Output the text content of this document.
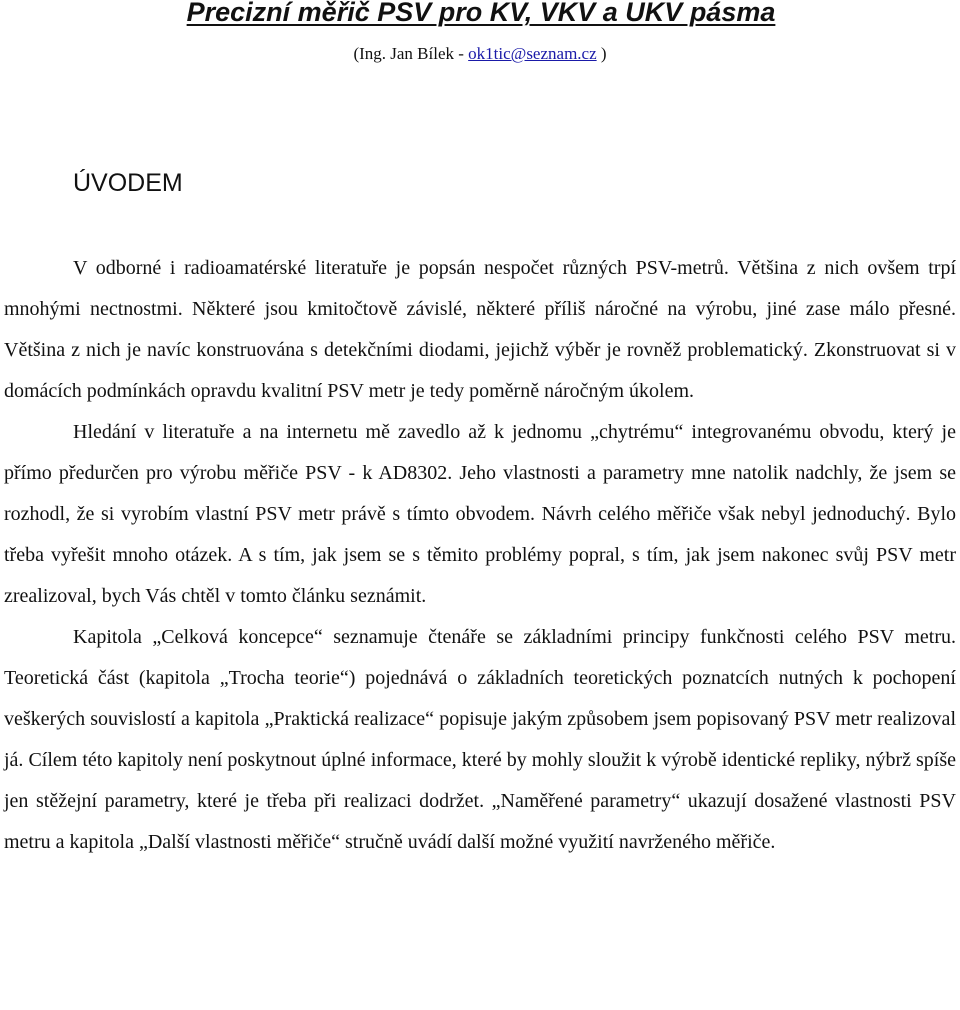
Precizní měřič PSV pro KV, VKV a UKV pásma
(Ing. Jan Bílek - ok1tic@seznam.cz )
ÚVODEM

V odborné i radioamatérské literatuře je popsán nespočet různých PSV-metrů. Většina z nich ovšem trpí mnohými nectnostmi. Některé jsou kmitočtově závislé, některé příliš náročné na výrobu, jiné zase málo přesné. Většina z nich je navíc konstruována s detekčními diodami, jejichž výběr je rovněž problematický. Zkonstruovat si v domácích podmínkách opravdu kvalitní PSV metr je tedy poměrně náročným úkolem.

Hledání v literatuře a na internetu mě zavedlo až k jednomu „chytrému“ integrovanému obvodu, který je přímo předurčen pro výrobu měřiče PSV - k AD8302. Jeho vlastnosti a parametry mne natolik nadchly, že jsem se rozhodl, že si vyrobím vlastní PSV metr právě s tímto obvodem. Návrh celého měřiče však nebyl jednoduchý. Bylo třeba vyřešit mnoho otázek. A s tím, jak jsem se s těmito problémy popral, s tím, jak jsem nakonec svůj PSV metr zrealizoval, bych Vás chtěl v tomto článku seznámit.

Kapitola „Celková koncepce“ seznamuje čtenáře se základními principy funkčnosti celého PSV metru. Teoretická část (kapitola „Trocha teorie“) pojednává o základních teoretických poznatcích nutných k pochopení veškerých souvislostí a kapitola „Praktická realizace“ popisuje jakým způsobem jsem popisovaný PSV metr realizoval já. Cílem této kapitoly není poskytnout úplné informace, které by mohly sloužit k výrobě identické repliky, nýbrž spíše jen stěžejní parametry, které je třeba při realizaci dodržet. „Naměřené parametry“ ukazují dosažené vlastnosti PSV metru a kapitola „Další vlastnosti měřiče“ stručně uvádí další možné využití navrženého měřiče.
